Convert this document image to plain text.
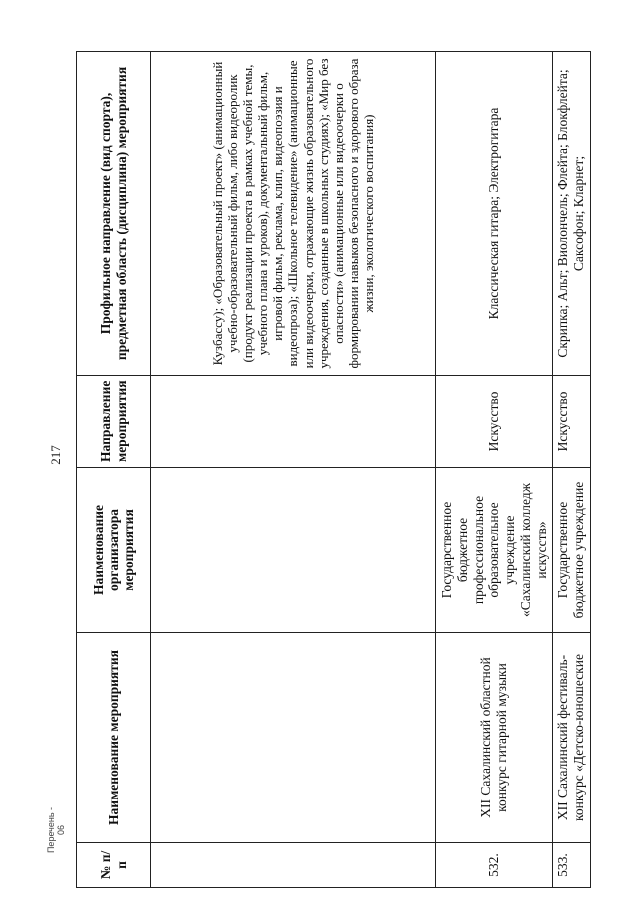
217
Перечень - 06
№ п/п	Наименование мероприятия	Наименование организатора мероприятия	Направление мероприятия	Профильное направление (вид спорта), предметная область (дисциплина) мероприятия
				Кузбассу); «Образовательный проект» (анимационный учебно-образовательный фильм, либо видеоролик (продукт реализации проекта в рамках учебной темы, учебного плана и уроков), документальный фильм, игровой фильм, реклама, клип, видеопоэзия и видеопроза); «Школьное телевидение» (анимационные или видеоочерки, отражающие жизнь образовательного учреждения, созданные в школьных студиях); «Мир без опасности» (анимационные или видеоочерки о формировании навыков безопасного и здорового образа жизни, экологического воспитания)
532.	XII Сахалинский областной конкурс гитарной музыки	Государственное бюджетное профессиональное образовательное учреждение «Сахалинский колледж искусств»	Искусство	Классическая гитара; Электрогитара
533.	XII Сахалинский фестиваль-конкурс «Детско-юношеские	Государственное бюджетное учреждение	Искусство	Скрипка; Альт; Виолончель; Флейта; Блокфлейта; Саксофон; Кларнет;
